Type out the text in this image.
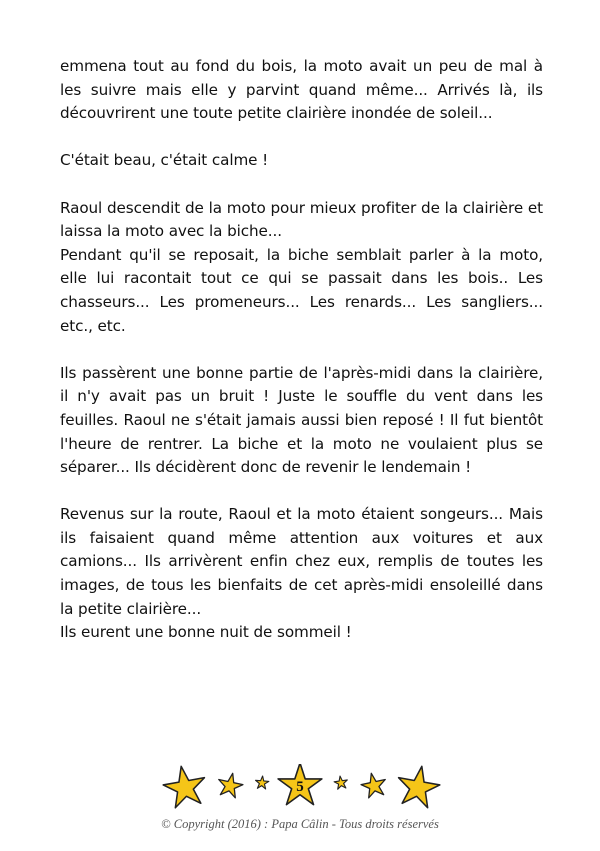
emmena tout au fond du bois, la moto avait un peu de mal à les suivre mais elle y parvint quand même... Arrivés là, ils découvrirent une toute petite clairière inondée de soleil...

C'était beau, c'était calme !

Raoul descendit de la moto pour mieux profiter de la clairière et laissa la moto avec la biche...

Pendant qu'il se reposait, la biche semblait parler à la moto, elle lui racontait tout ce qui se passait dans les bois.. Les chasseurs... Les promeneurs... Les renards... Les sangliers... etc., etc.

Ils passèrent une bonne partie de l'après-midi dans la clairière, il n'y avait pas un bruit ! Juste le souffle du vent dans les feuilles. Raoul ne s'était jamais aussi bien reposé ! Il fut bientôt l'heure de rentrer. La biche et la moto ne voulaient plus se séparer... Ils décidèrent donc de revenir le lendemain !

Revenus sur la route, Raoul et la moto étaient songeurs... Mais ils faisaient quand même attention aux voitures et aux camions... Ils arrivèrent enfin chez eux, remplis de toutes les images, de tous les bienfaits de cet après-midi ensoleillé dans la petite clairière...

Ils eurent une bonne nuit de sommeil !

5
© Copyright (2016) : Papa Câlin - Tous droits réservés
